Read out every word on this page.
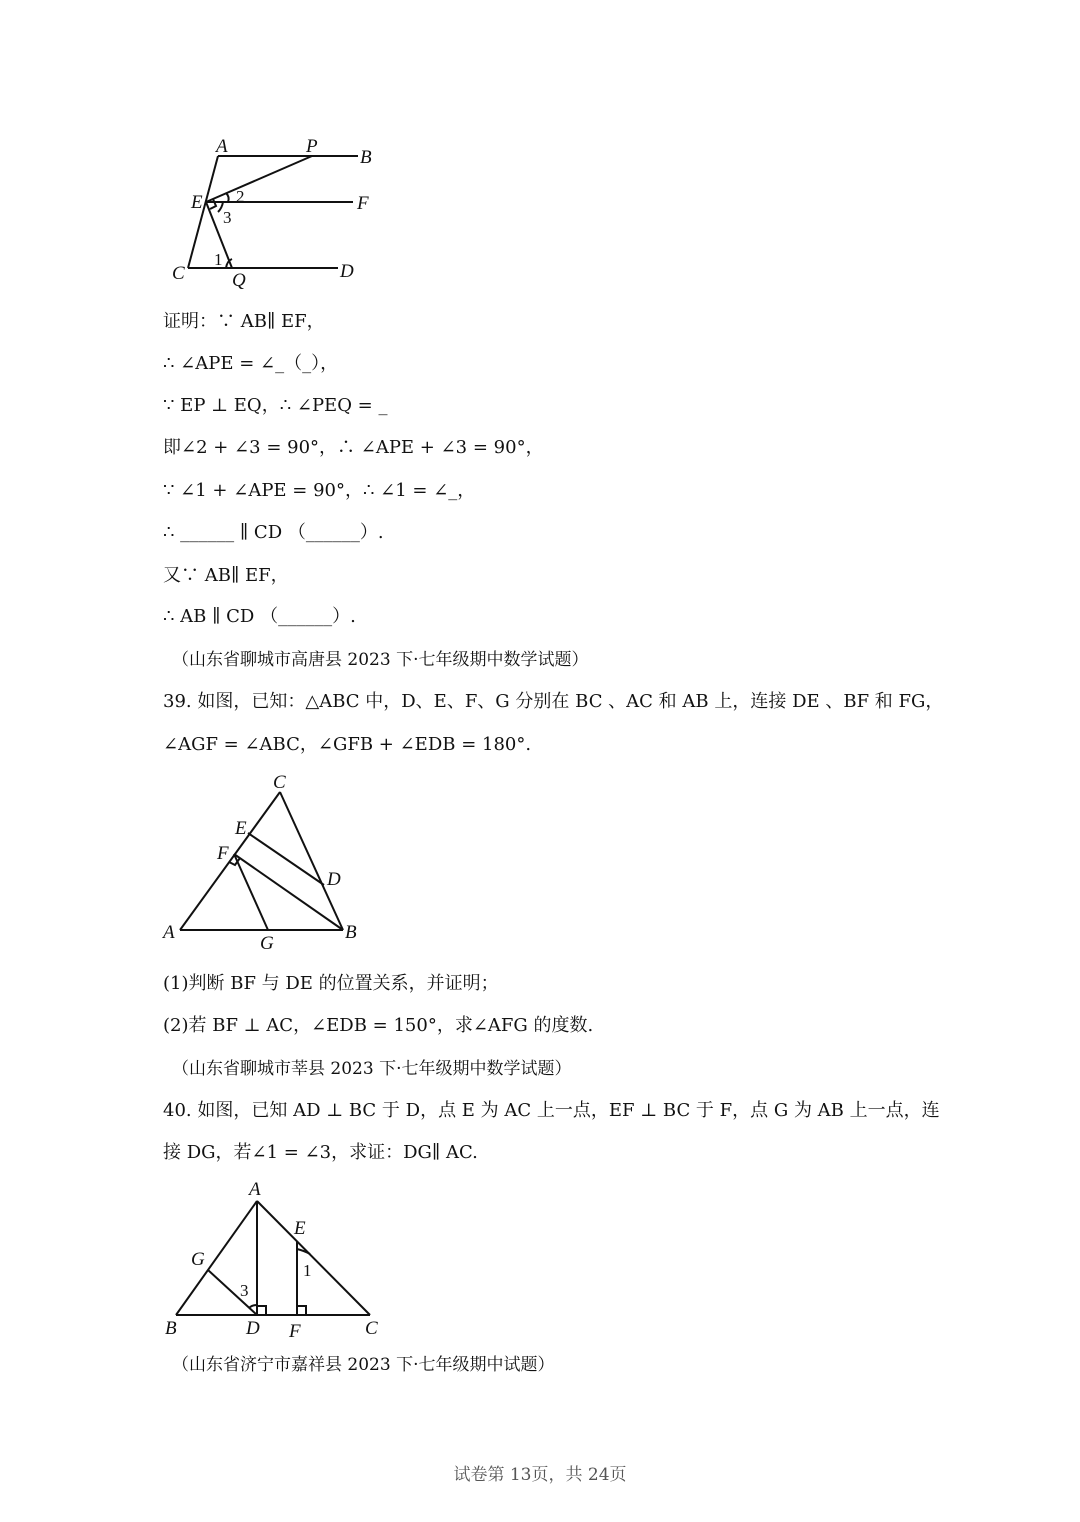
A	P
B
E	F
C Q	D
1
2
3
证明：∵ AB∥ EF，
∴ ∠APE = ∠_（_），
∵ EP ⊥ EQ，∴ ∠PEQ = _
即∠2 + ∠3 = 90°，∴ ∠APE + ∠3 = 90°，
∵ ∠1 + ∠APE = 90°，∴ ∠1 = ∠_，
∴ ______ ∥ CD （______）.
又∵ AB∥ EF，
∴ AB ∥ CD （______）.
（山东省聊城市高唐县 2023 下·七年级期中数学试题）
39. 如图，已知：△ABC 中，D、E、F、G 分别在 BC 、AC 和 AB 上，连接 DE 、BF 和 FG，
∠AGF = ∠ABC，∠GFB + ∠EDB = 180°.
C
E
F
D
A
G
B
(1)判断 BF 与 DE 的位置关系，并证明；
(2)若 BF ⊥ AC，∠EDB = 150°，求∠AFG 的度数.
（山东省聊城市莘县 2023 下·七年级期中数学试题）
40. 如图，已知 AD ⊥ BC 于 D，点 E 为 AC 上一点，EF ⊥ BC 于 F，点 G 为 AB 上一点，连
接 DG，若∠1 = ∠3，求证：DG∥ AC.
A
E
G
1
3
B	D F	C
（山东省济宁市嘉祥县 2023 下·七年级期中试题）
试卷第 13页，共 24页
